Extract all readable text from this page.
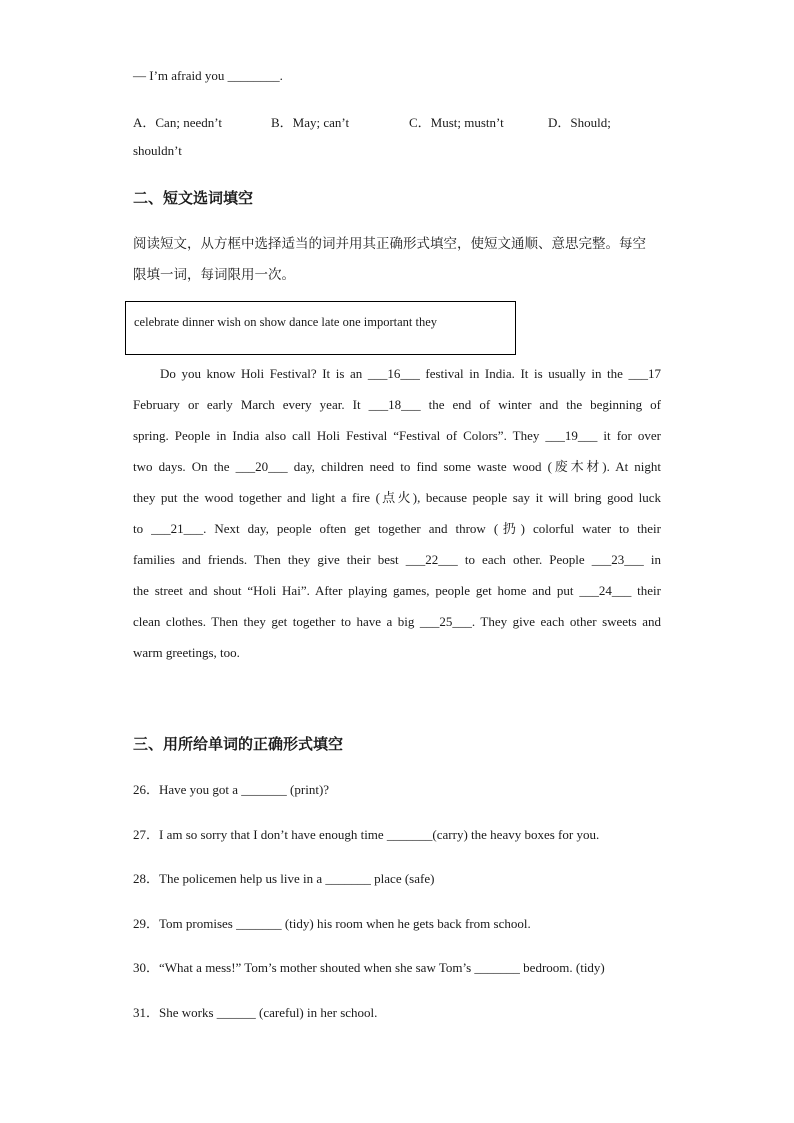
— I’m afraid you ________.
A．Can; needn’t	B．May; can’t	C．Must; mustn’t	D．Should;
shouldn’t
二、短文选词填空
阅读短文，从方框中选择适当的词并用其正确形式填空，使短文通顺、意思完整。每空
限填一词，每词限用一次。
celebrate dinner wish on show dance late one important they
Do you know Holi Festival? It is an ___16___ festival in India. It is usually in the ___17
February or early March every year. It ___18___ the end of winter and the beginning of
spring. People in India also call Holi Festival “Festival of Colors”. They ___19___ it for over
two days. On the ___20___ day, children need to find some waste wood (废木材). At night
they put the wood together and light a fire (点火), because people say it will bring good luck
to ___21___. Next day, people often get together and throw (扔) colorful water to their
families and friends. Then they give their best ___22___ to each other. People ___23___ in
the street and shout “Holi Hai”. After playing games, people get home and put ___24___ their
clean clothes. Then they get together to have a big ___25___. They give each other sweets and
warm greetings, too.
三、用所给单词的正确形式填空
26．Have you got a _______ (print)?
27．I am so sorry that I don’t have enough time _______(carry) the heavy boxes for you.
28．The policemen help us live in a _______ place (safe)
29．Tom promises _______ (tidy) his room when he gets back from school.
30．“What a mess!” Tom’s mother shouted when she saw Tom’s _______ bedroom. (tidy)
31．She works ______ (careful) in her school.
